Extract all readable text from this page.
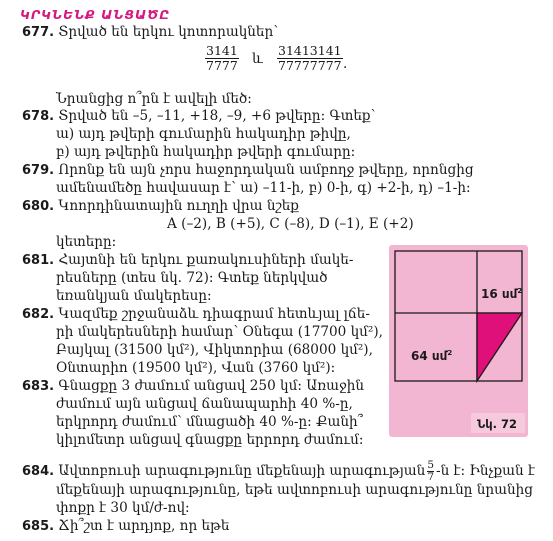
ԿՐԿՆԵՆՔ ԱՆՑԱԾԸ
677. Տրված են երկու կոտորակներ՝
$\frac{3141}{7777}$ և $\frac{31413141}{77777777}$ .
Նրանցից ո՞րն է ավելի մեծ:
678. Տրված են –5, –11, +18, –9, +6 թվերը: Գտեք՝
ա) այդ թվերի գումարին հակադիր թիվը,
բ) այդ թվերին հակադիր թվերի գումարը:
679. Որոնք են այն չորս հաջորդական ամբողջ թվերը, որոնցից
ամենամեծը հավասար է՝ ա) –11-ի, բ) 0-ի, գ) +2-ի, դ) –1-ի:
680. Կոորդինատային ուղղի վրա նշեք
A (–2), B (+5), C (–8), D (–1), E (+2)
կետերը:
681. Հայտնի են երկու քառակուսիների մակե-
րեսները (տես նկ. 72): Գտեք ներկված
եռանկյան մակերեսը:
682. Կազմեք շրջանաձև դիագրամ հետևյալ լճե-
րի մակերեսների համար՝ Օնեգա (17700 կմ²),
Բայկալ (31500 կմ²), Վիկտորիա (68000 կմ²),
Օնտարիո (19500 կմ²), Վան (3760 կմ²):
683. Գնացքը 3 ժամում անցավ 250 կմ: Առաջին
ժամում այն անցավ ճանապարհի 40 %-ը,
երկրորդ ժամում՝ մնացածի 40 %-ը: Քանի՞
կիլոմետր անցավ գնացքը երրորդ ժամում:
684. Ավտոբուսի արագությունը մեքենայի արագության $\frac{5}{7}$ -ն է: Ինչքան է
մեքենայի արագությունը, եթե ավտոբուսի արագությունը նրանից
փոքր է 30 կմ/ժ-ով:
685. Ճի՞շտ է արդյոք, որ եթե
16 սմ$^2$
64 սմ$^2$
Նկ. 72
